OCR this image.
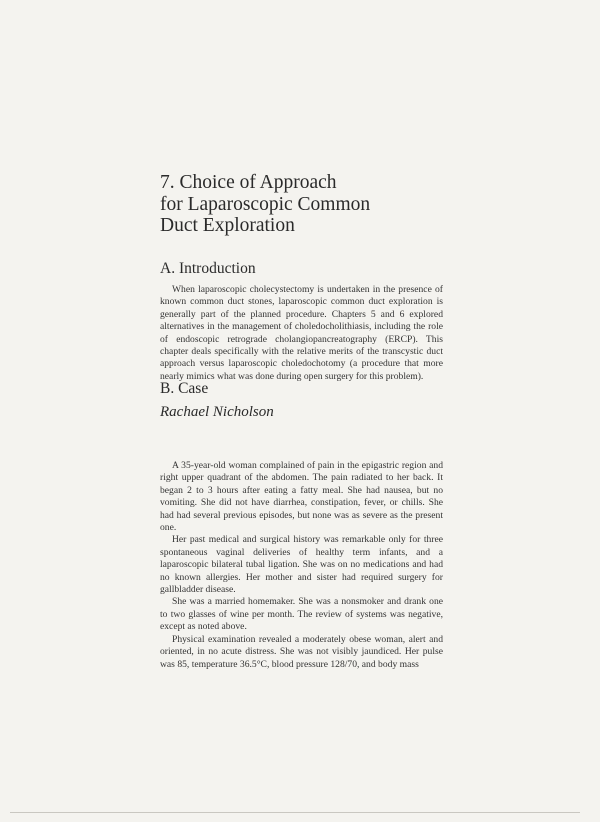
7. Choice of Approach
for Laparoscopic Common
Duct Exploration
A. Introduction

When laparoscopic cholecystectomy is undertaken in the presence of known common duct stones, laparoscopic common duct exploration is generally part of the planned procedure. Chapters 5 and 6 explored alternatives in the management of choledocholithiasis, including the role of endoscopic retrograde cholangiopancreatography (ERCP). This chapter deals specifically with the relative merits of the transcystic duct approach versus laparoscopic choledochotomy (a procedure that more nearly mimics what was done during open surgery for this problem).

B. Case
Rachael Nicholson

A 35-year-old woman complained of pain in the epigastric region and right upper quadrant of the abdomen. The pain radiated to her back. It began 2 to 3 hours after eating a fatty meal. She had nausea, but no vomiting. She did not have diarrhea, constipation, fever, or chills. She had had several previous episodes, but none was as severe as the present one.

Her past medical and surgical history was remarkable only for three spontaneous vaginal deliveries of healthy term infants, and a laparoscopic bilateral tubal ligation. She was on no medications and had no known allergies. Her mother and sister had required surgery for gallbladder disease.

She was a married homemaker. She was a nonsmoker and drank one to two glasses of wine per month. The review of systems was negative, except as noted above.

Physical examination revealed a moderately obese woman, alert and oriented, in no acute distress. She was not visibly jaundiced. Her pulse was 85, temperature 36.5°C, blood pressure 128/70, and body mass
